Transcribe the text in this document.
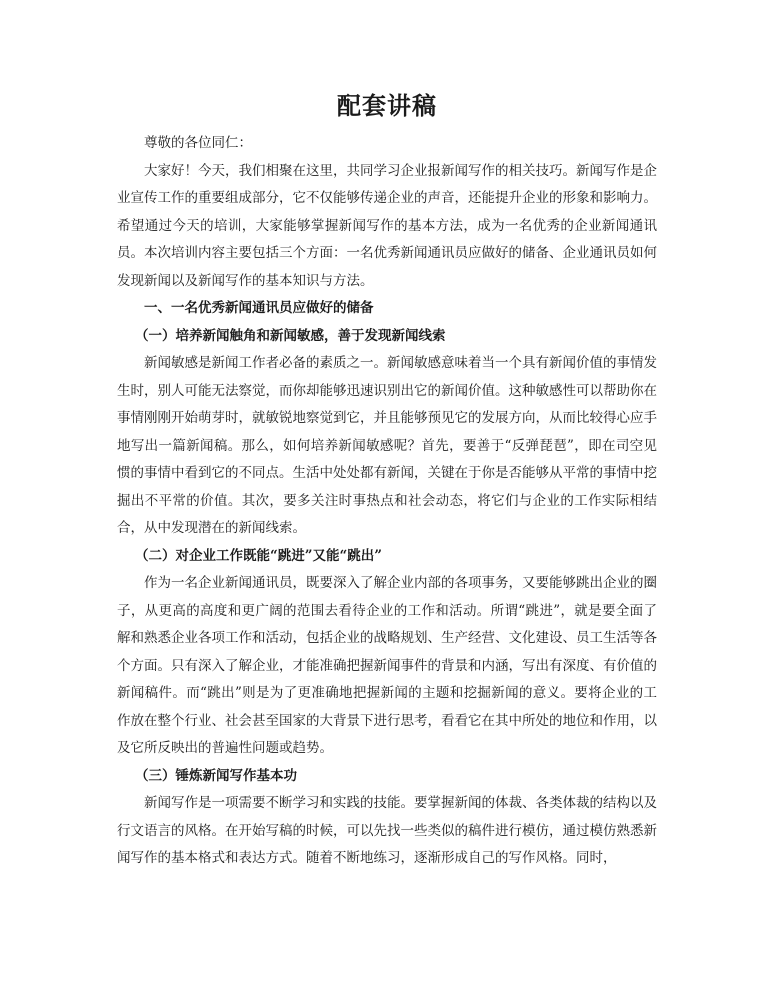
配套讲稿

尊敬的各位同仁：

大家好！今天，我们相聚在这里，共同学习企业报新闻写作的相关技巧。新闻写作是企业宣传工作的重要组成部分，它不仅能够传递企业的声音，还能提升企业的形象和影响力。希望通过今天的培训，大家能够掌握新闻写作的基本方法，成为一名优秀的企业新闻通讯员。本次培训内容主要包括三个方面：一名优秀新闻通讯员应做好的储备、企业通讯员如何发现新闻以及新闻写作的基本知识与方法。

一、一名优秀新闻通讯员应做好的储备

（一）培养新闻触角和新闻敏感，善于发现新闻线索

新闻敏感是新闻工作者必备的素质之一。新闻敏感意味着当一个具有新闻价值的事情发生时，别人可能无法察觉，而你却能够迅速识别出它的新闻价值。这种敏感性可以帮助你在事情刚刚开始萌芽时，就敏锐地察觉到它，并且能够预见它的发展方向，从而比较得心应手地写出一篇新闻稿。那么，如何培养新闻敏感呢？首先，要善于“反弹琵琶”，即在司空见惯的事情中看到它的不同点。生活中处处都有新闻，关键在于你是否能够从平常的事情中挖掘出不平常的价值。其次，要多关注时事热点和社会动态，将它们与企业的工作实际相结合，从中发现潜在的新闻线索。

（二）对企业工作既能“跳进”又能“跳出”

作为一名企业新闻通讯员，既要深入了解企业内部的各项事务，又要能够跳出企业的圈子，从更高的高度和更广阔的范围去看待企业的工作和活动。所谓“跳进”，就是要全面了解和熟悉企业各项工作和活动，包括企业的战略规划、生产经营、文化建设、员工生活等各个方面。只有深入了解企业，才能准确把握新闻事件的背景和内涵，写出有深度、有价值的新闻稿件。而“跳出”则是为了更准确地把握新闻的主题和挖掘新闻的意义。要将企业的工作放在整个行业、社会甚至国家的大背景下进行思考，看看它在其中所处的地位和作用，以及它所反映出的普遍性问题或趋势。

（三）锤炼新闻写作基本功

新闻写作是一项需要不断学习和实践的技能。要掌握新闻的体裁、各类体裁的结构以及行文语言的风格。在开始写稿的时候，可以先找一些类似的稿件进行模仿，通过模仿熟悉新闻写作的基本格式和表达方式。随着不断地练习，逐渐形成自己的写作风格。同时，
